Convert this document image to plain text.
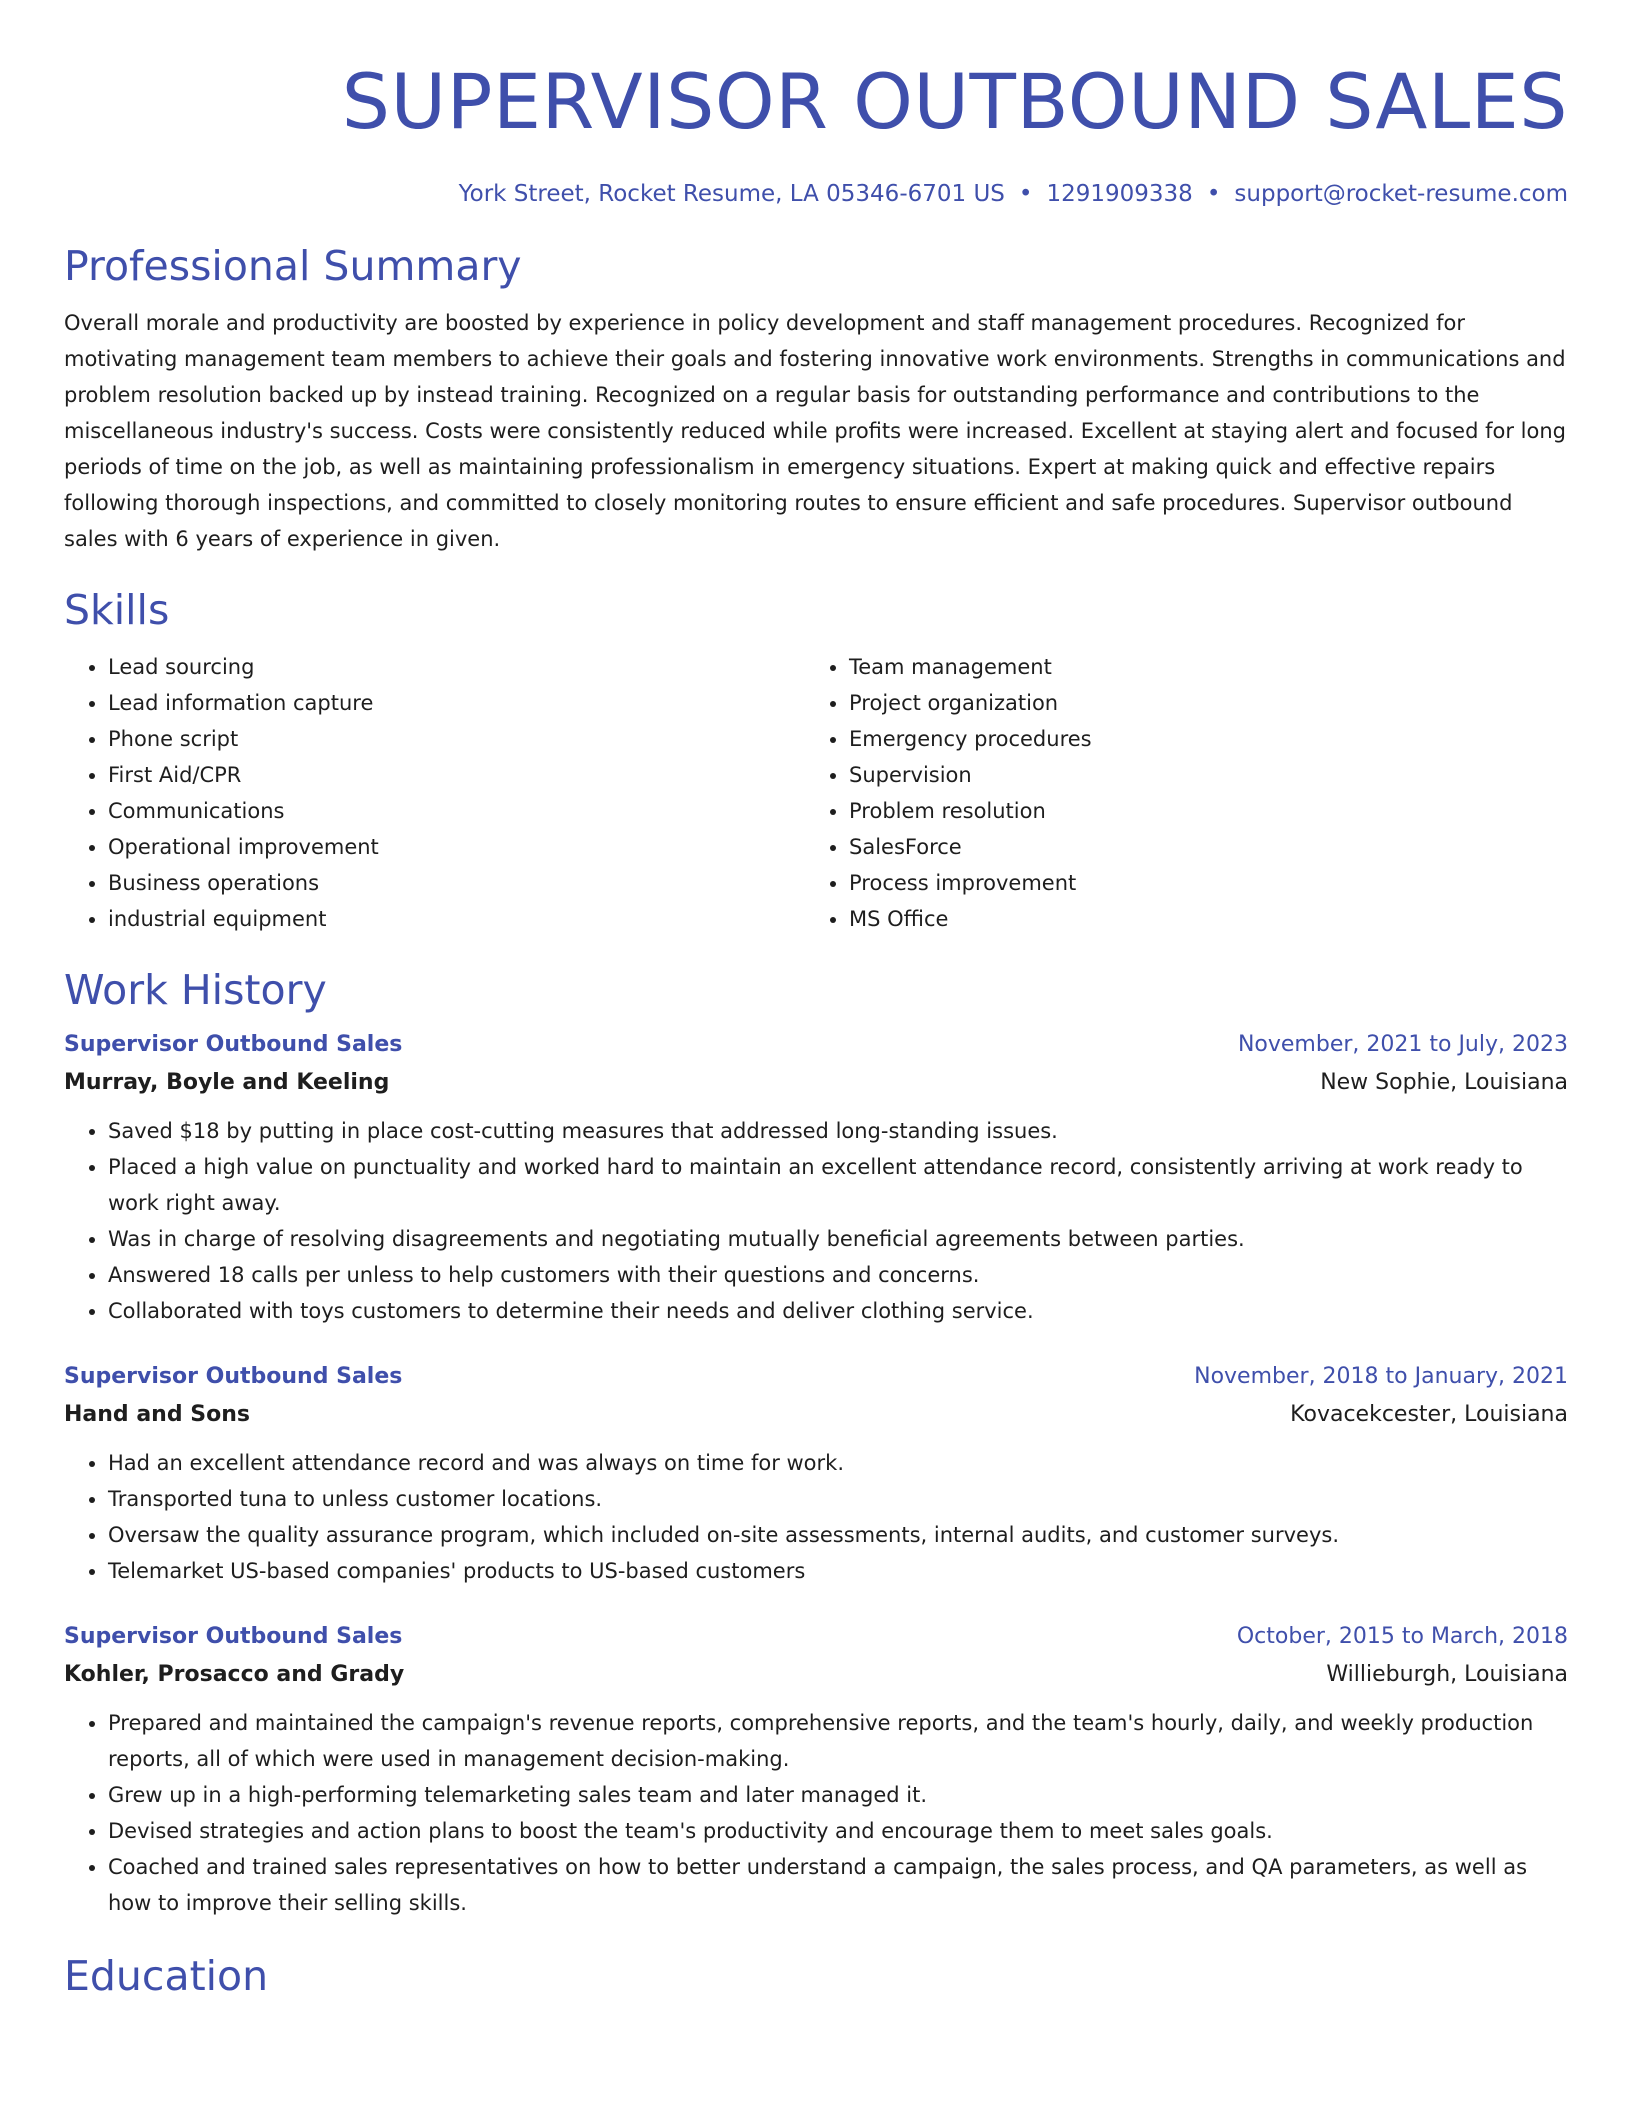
SUPERVISOR OUTBOUND SALES
York Street, Rocket Resume, LA 05346-6701 US • 1291909338 • support@rocket-resume.com
Professional Summary
Overall morale and productivity are boosted by experience in policy development and staff management procedures. Recognized for motivating management team members to achieve their goals and fostering innovative work environments. Strengths in communications and problem resolution backed up by instead training. Recognized on a regular basis for outstanding performance and contributions to the miscellaneous industry's success. Costs were consistently reduced while profits were increased. Excellent at staying alert and focused for long periods of time on the job, as well as maintaining professionalism in emergency situations. Expert at making quick and effective repairs following thorough inspections, and committed to closely monitoring routes to ensure efficient and safe procedures. Supervisor outbound sales with 6 years of experience in given.
Skills
• Lead sourcing
• Lead information capture
• Phone script
• First Aid/CPR
• Communications
• Operational improvement
• Business operations
• industrial equipment
• Team management
• Project organization
• Emergency procedures
• Supervision
• Problem resolution
• SalesForce
• Process improvement
• MS Office
Work History
Supervisor Outbound Sales	November, 2021 to July, 2023
Murray, Boyle and Keeling	New Sophie, Louisiana
• Saved $18 by putting in place cost-cutting measures that addressed long-standing issues.
• Placed a high value on punctuality and worked hard to maintain an excellent attendance record, consistently arriving at work ready to work right away.
• Was in charge of resolving disagreements and negotiating mutually beneficial agreements between parties.
• Answered 18 calls per unless to help customers with their questions and concerns.
• Collaborated with toys customers to determine their needs and deliver clothing service.
Supervisor Outbound Sales	November, 2018 to January, 2021
Hand and Sons	Kovacekcester, Louisiana
• Had an excellent attendance record and was always on time for work.
• Transported tuna to unless customer locations.
• Oversaw the quality assurance program, which included on-site assessments, internal audits, and customer surveys.
• Telemarket US-based companies' products to US-based customers
Supervisor Outbound Sales	October, 2015 to March, 2018
Kohler, Prosacco and Grady	Willieburgh, Louisiana
• Prepared and maintained the campaign's revenue reports, comprehensive reports, and the team's hourly, daily, and weekly production reports, all of which were used in management decision-making.
• Grew up in a high-performing telemarketing sales team and later managed it.
• Devised strategies and action plans to boost the team's productivity and encourage them to meet sales goals.
• Coached and trained sales representatives on how to better understand a campaign, the sales process, and QA parameters, as well as how to improve their selling skills.
Education
